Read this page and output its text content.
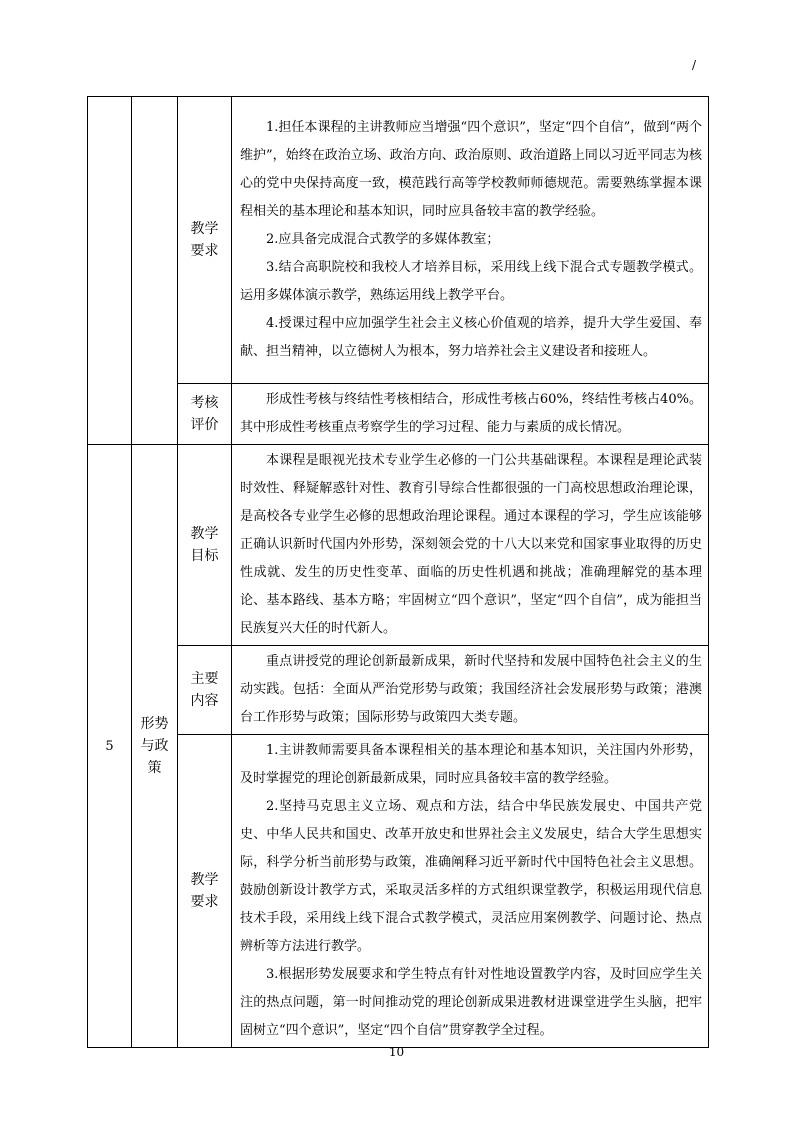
/
		教学要求	1.担任本课程的主讲教师应当增强“四个意识”，坚定“四个自信”，做到“两个维护”，始终在政治立场、政治方向、政治原则、政治道路上同以习近平同志为核心的党中央保持高度一致，模范践行高等学校教师师德规范。需要熟练掌握本课程相关的基本理论和基本知识，同时应具备较丰富的教学经验。

2.应具备完成混合式教学的多媒体教室；

3.结合高职院校和我校人才培养目标，采用线上线下混合式专题教学模式。运用多媒体演示教学，熟练运用线上教学平台。

4.授课过程中应加强学生社会主义核心价值观的培养，提升大学生爱国、奉献、担当精神，以立德树人为根本，努力培养社会主义建设者和接班人。

		考核评价	形成性考核与终结性考核相结合，形成性考核占60%，终结性考核占40%。其中形成性考核重点考察学生的学习过程、能力与素质的成长情况。

5	形势与政策	教学目标	本课程是眼视光技术专业学生必修的一门公共基础课程。本课程是理论武装时效性、释疑解惑针对性、教育引导综合性都很强的一门高校思想政治理论课，是高校各专业学生必修的思想政治理论课程。通过本课程的学习，学生应该能够正确认识新时代国内外形势，深刻领会党的十八大以来党和国家事业取得的历史性成就、发生的历史性变革、面临的历史性机遇和挑战；准确理解党的基本理论、基本路线、基本方略；牢固树立“四个意识”，坚定“四个自信”，成为能担当民族复兴大任的时代新人。

		主要内容	重点讲授党的理论创新最新成果，新时代坚持和发展中国特色社会主义的生动实践。包括：全面从严治党形势与政策；我国经济社会发展形势与政策；港澳台工作形势与政策；国际形势与政策四大类专题。

		教学要求	1.主讲教师需要具备本课程相关的基本理论和基本知识，关注国内外形势，及时掌握党的理论创新最新成果，同时应具备较丰富的教学经验。

2.坚持马克思主义立场、观点和方法，结合中华民族发展史、中国共产党史、中华人民共和国史、改革开放史和世界社会主义发展史，结合大学生思想实际，科学分析当前形势与政策，准确阐释习近平新时代中国特色社会主义思想。鼓励创新设计教学方式，采取灵活多样的方式组织课堂教学，积极运用现代信息技术手段，采用线上线下混合式教学模式，灵活应用案例教学、问题讨论、热点辨析等方法进行教学。

3.根据形势发展要求和学生特点有针对性地设置教学内容，及时回应学生关注的热点问题，第一时间推动党的理论创新成果进教材进课堂进学生头脑，把牢固树立“四个意识”，坚定“四个自信”贯穿教学全过程。

10
